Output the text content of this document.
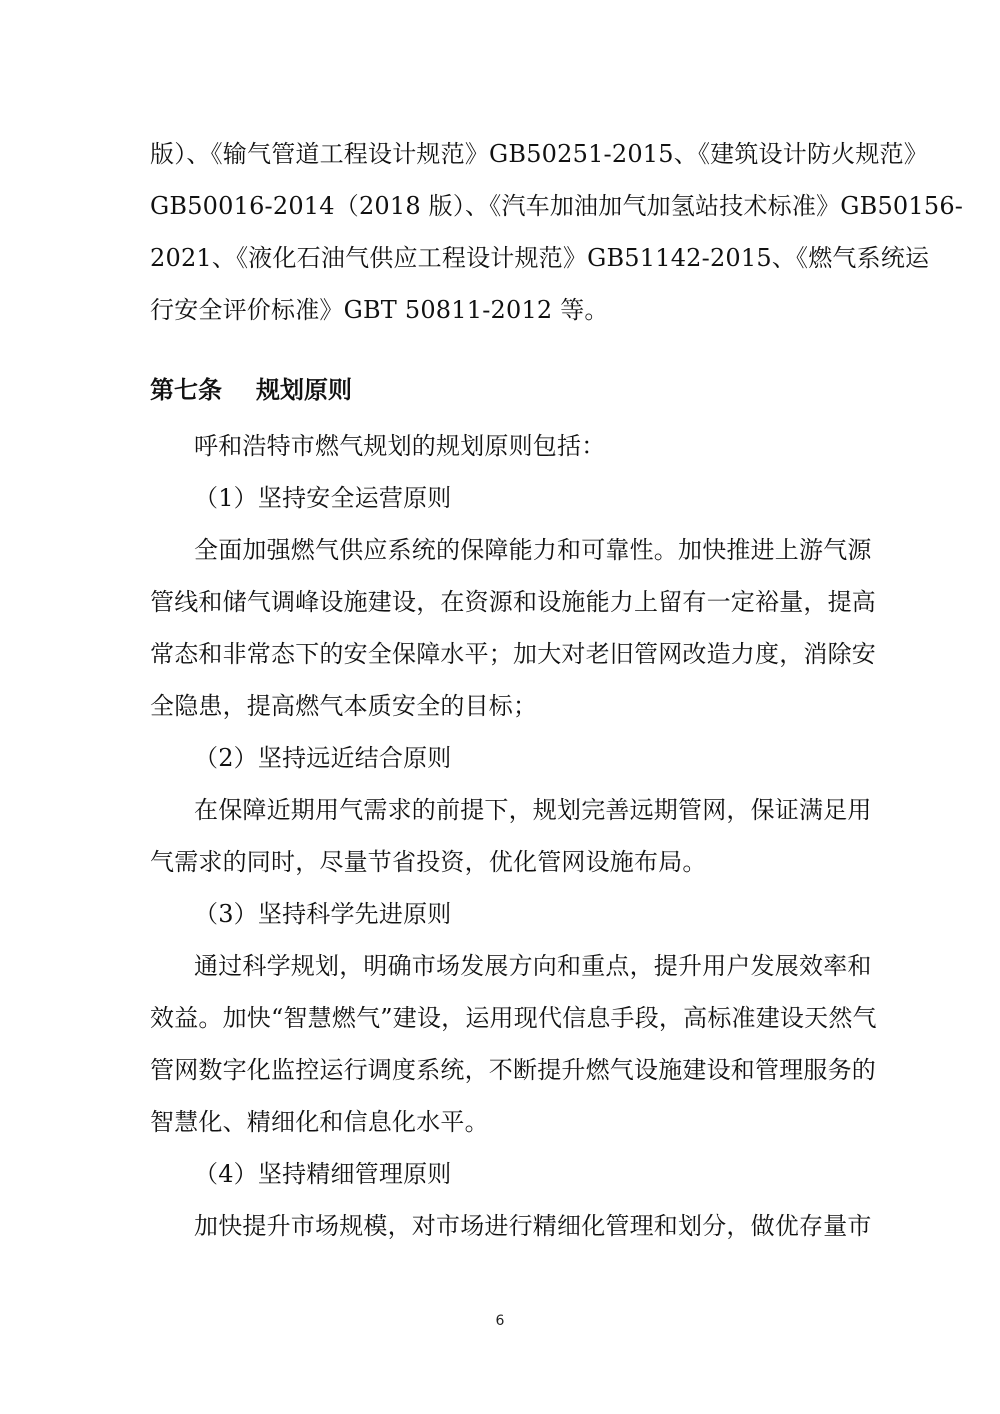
版）、《输气管道工程设计规范》GB50251-2015、《建筑设计防火规范》
GB50016-2014（2018 版）、《汽车加油加气加氢站技术标准》GB50156-
2021、《液化石油气供应工程设计规范》GB51142-2015、《燃气系统运
行安全评价标准》GBT 50811-2012 等。
第七条	规划原则
呼和浩特市燃气规划的规划原则包括：
（1）坚持安全运营原则
全面加强燃气供应系统的保障能力和可靠性。加快推进上游气源
管线和储气调峰设施建设，在资源和设施能力上留有一定裕量，提高
常态和非常态下的安全保障水平；加大对老旧管网改造力度，消除安
全隐患，提高燃气本质安全的目标；
（2）坚持远近结合原则
在保障近期用气需求的前提下，规划完善远期管网，保证满足用
气需求的同时，尽量节省投资，优化管网设施布局。
（3）坚持科学先进原则
通过科学规划，明确市场发展方向和重点，提升用户发展效率和
效益。加快“智慧燃气”建设，运用现代信息手段，高标准建设天然气
管网数字化监控运行调度系统，不断提升燃气设施建设和管理服务的
智慧化、精细化和信息化水平。
（4）坚持精细管理原则
加快提升市场规模，对市场进行精细化管理和划分，做优存量市
6
